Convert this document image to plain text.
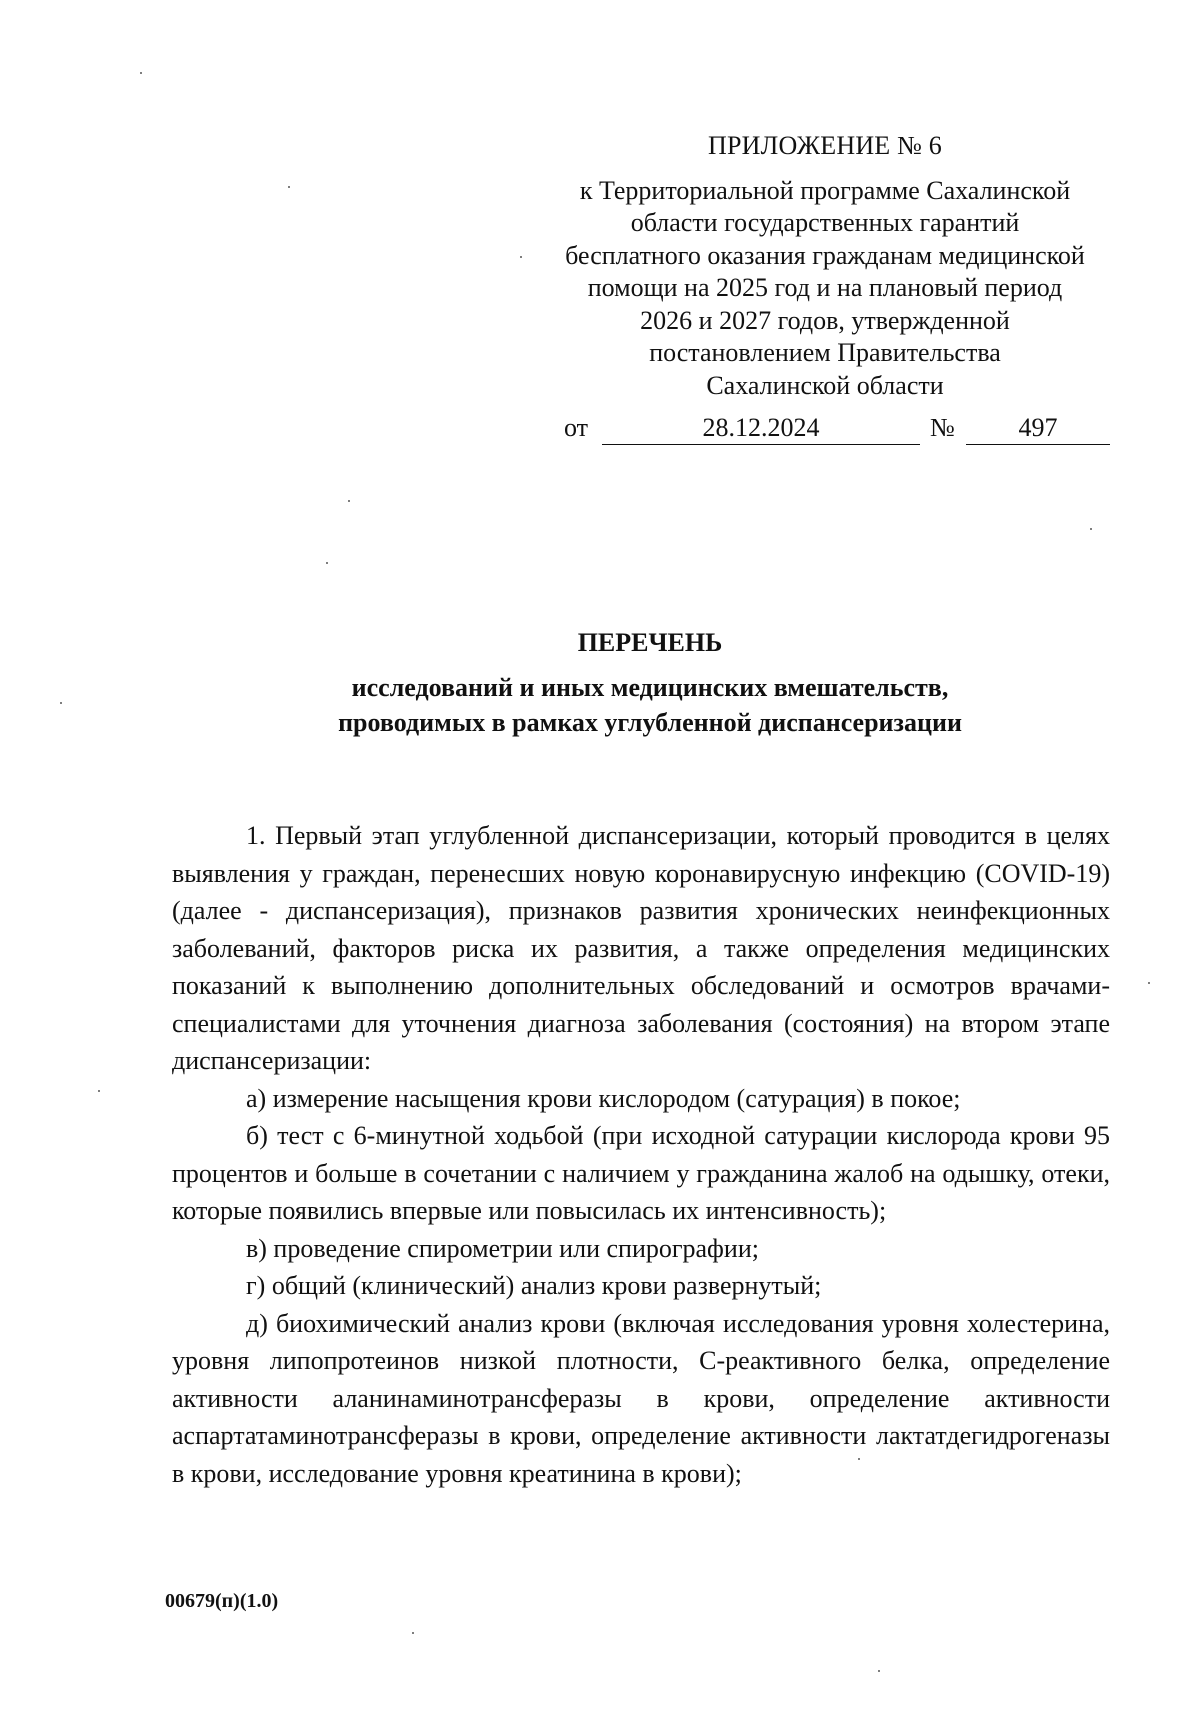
ПРИЛОЖЕНИЕ № 6
к Территориальной программе Сахалинской
области государственных гарантий
бесплатного оказания гражданам медицинской
помощи на 2025 год и на плановый период
2026 и 2027 годов, утвержденной
постановлением Правительства
Сахалинской области
от	28.12.2024	№	497
ПЕРЕЧЕНЬ
исследований и иных медицинских вмешательств,
проводимых в рамках углубленной диспансеризации

1. Первый этап углубленной диспансеризации, который проводится в целях выявления у граждан, перенесших новую коронавирусную инфекцию (COVID-19) (далее - диспансеризация), признаков развития хронических неинфекционных заболеваний, факторов риска их развития, а также определения медицинских показаний к выполнению дополнительных обследований и осмотров врачами-специалистами для уточнения диагноза заболевания (состояния) на втором этапе диспансеризации:

а) измерение насыщения крови кислородом (сатурация) в покое;

б) тест с 6-минутной ходьбой (при исходной сатурации кислорода крови 95 процентов и больше в сочетании с наличием у гражданина жалоб на одышку, отеки, которые появились впервые или повысилась их интенсивность);

в) проведение спирометрии или спирографии;

г) общий (клинический) анализ крови развернутый;

д) биохимический анализ крови (включая исследования уровня холестерина, уровня липопротеинов низкой плотности, С-реактивного белка, определение активности аланинаминотрансферазы в крови, определение активности аспартатаминотрансферазы в крови, определение активности лактатдегидрогеназы в крови, исследование уровня креатинина в крови);

00679(п)(1.0)
